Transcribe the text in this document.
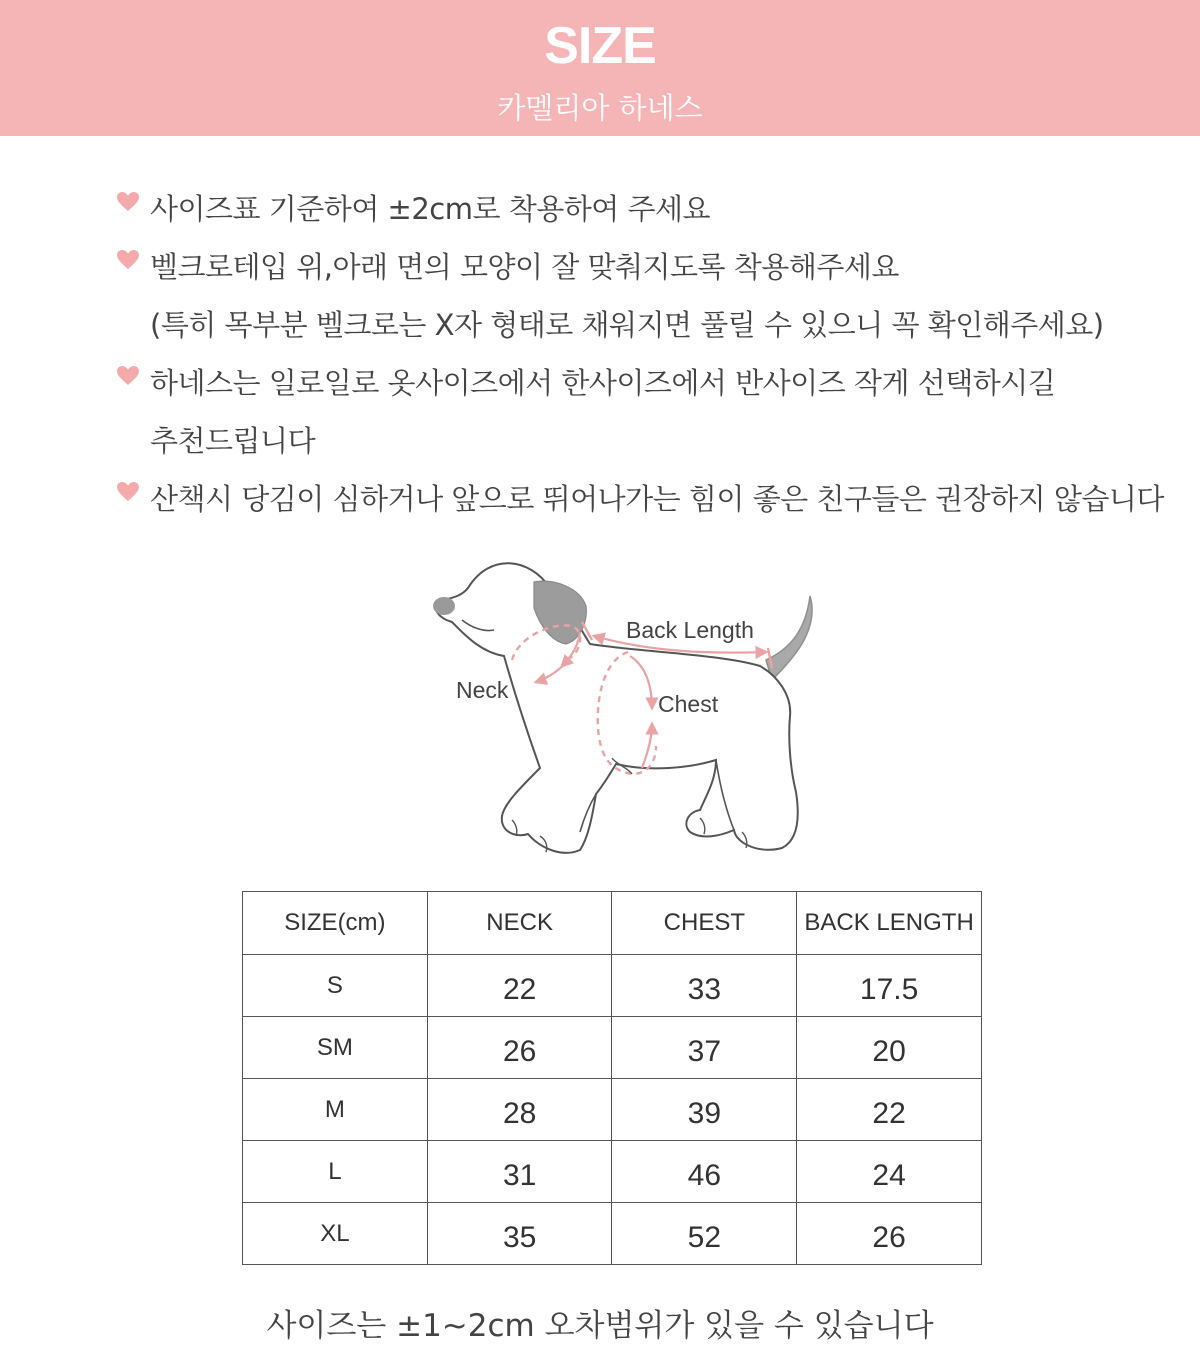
SIZE
카멜리아 하네스
사이즈표 기준하여 ±2cm로 착용하여 주세요
벨크로테입 위,아래 면의 모양이 잘 맞춰지도록 착용해주세요
(특히 목부분 벨크로는 X자 형태로 채워지면 풀릴 수 있으니 꼭 확인해주세요)
하네스는 일로일로 옷사이즈에서 한사이즈에서 반사이즈 작게 선택하시길
추천드립니다
산책시 당김이 심하거나 앞으로 뛰어나가는 힘이 좋은 친구들은 권장하지 않습니다
Back Length
Neck
Chest
SIZE(cm)	NECK	CHEST	BACK LENGTH
S	22	33	17.5
SM	26	37	20
M	28	39	22
L	31	46	24
XL	35	52	26
사이즈는 ±1~2cm 오차범위가 있을 수 있습니다
